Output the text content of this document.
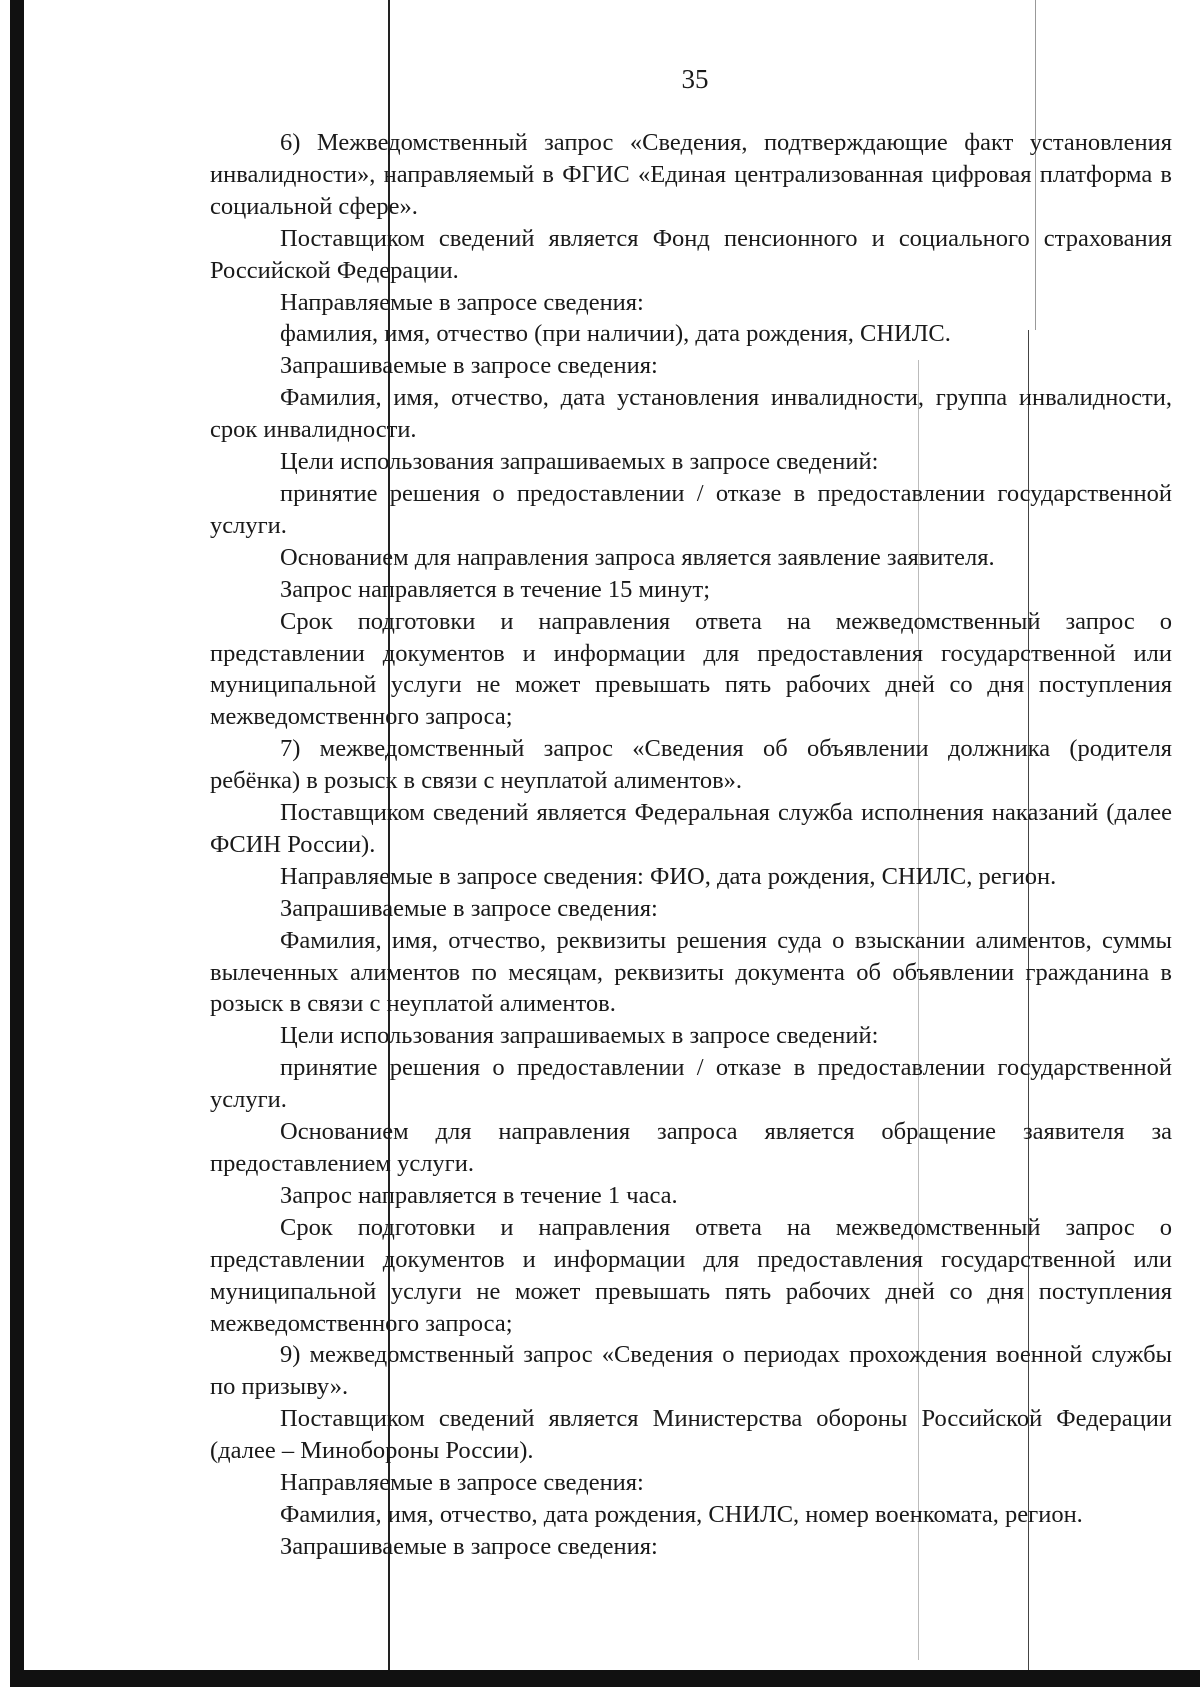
35

6) Межведомственный запрос «Сведения, подтверждающие факт установления инвалидности», направляемый в ФГИС «Единая централизованная цифровая платформа в социальной сфере».

Поставщиком сведений является Фонд пенсионного и социального страхования Российской Федерации.

Направляемые в запросе сведения:

фамилия, имя, отчество (при наличии), дата рождения, СНИЛС.

Запрашиваемые в запросе сведения:

Фамилия, имя, отчество, дата установления инвалидности, группа инвалидности, срок инвалидности.

Цели использования запрашиваемых в запросе сведений:

принятие решения о предоставлении / отказе в предоставлении государственной услуги.

Основанием для направления запроса является заявление заявителя.

Запрос направляется в течение 15 минут;

Срок подготовки и направления ответа на межведомственный запрос о представлении документов и информации для предоставления государственной или муниципальной услуги не может превышать пять рабочих дней со дня поступления межведомственного запроса;

7) межведомственный запрос «Сведения об объявлении должника (родителя ребёнка) в розыск в связи с неуплатой алиментов».

Поставщиком сведений является Федеральная служба исполнения наказаний (далее ФСИН России).

Направляемые в запросе сведения: ФИО, дата рождения, СНИЛС, регион.

Запрашиваемые в запросе сведения:

Фамилия, имя, отчество, реквизиты решения суда о взыскании алиментов, суммы вылеченных алиментов по месяцам, реквизиты документа об объявлении гражданина в розыск в связи с неуплатой алиментов.

Цели использования запрашиваемых в запросе сведений:

принятие решения о предоставлении / отказе в предоставлении государственной услуги.

Основанием для направления запроса является обращение заявителя за предоставлением услуги.

Запрос направляется в течение 1 часа.

Срок подготовки и направления ответа на межведомственный запрос о представлении документов и информации для предоставления государственной или муниципальной услуги не может превышать пять рабочих дней со дня поступления межведомственного запроса;

9) межведомственный запрос «Сведения о периодах прохождения военной службы по призыву».

Поставщиком сведений является Министерства обороны Российской Федерации (далее – Минобороны России).

Направляемые в запросе сведения:

Фамилия, имя, отчество, дата рождения, СНИЛС, номер военкомата, регион.

Запрашиваемые в запросе сведения:
